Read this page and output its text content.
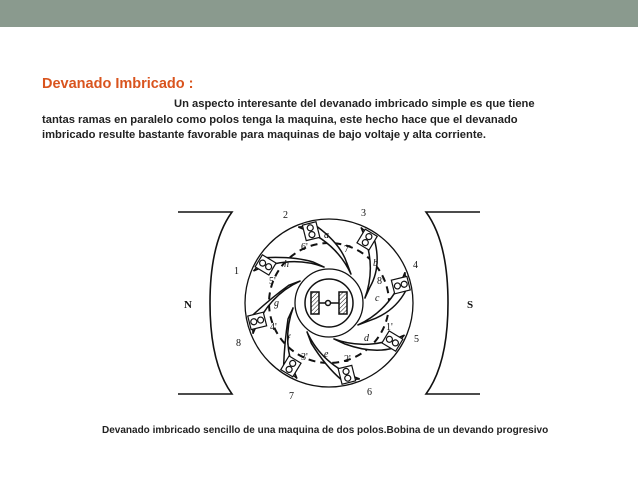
Devanado Imbricado :

Un aspecto interesante del devanado imbricado simple es que tiene
tantas ramas en paralelo como polos tenga la maquina, este hecho hace que el devanado
imbricado resulte bastante favorable para maquinas de bajo voltaje y alta corriente.

N	S
1
2	3
4
5
6
7
8
1'
2'
3'
4'
5'
6'	7'
8'
a
b
c
d
e
f
g
h
Devanado imbricado sencillo de una maquina de dos polos.Bobina de un devando progresivo
